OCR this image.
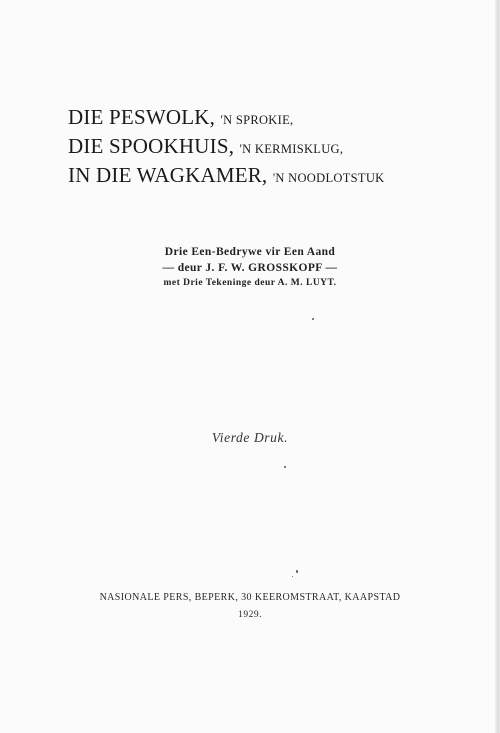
DIE PESWOLK, 'N SPROKIE,
DIE SPOOKHUIS, 'N KERMISKLUG,
IN DIE WAGKAMER, 'N NOODLOTSTUK
Drie Een-Bedrywe vir Een Aand
— deur J. F. W. GROSSKOPF —
met Drie Tekeninge deur A. M. LUYT.
Vierde Druk.
NASIONALE PERS, BEPERK, 30 KEEROMSTRAAT, KAAPSTAD
1929.
